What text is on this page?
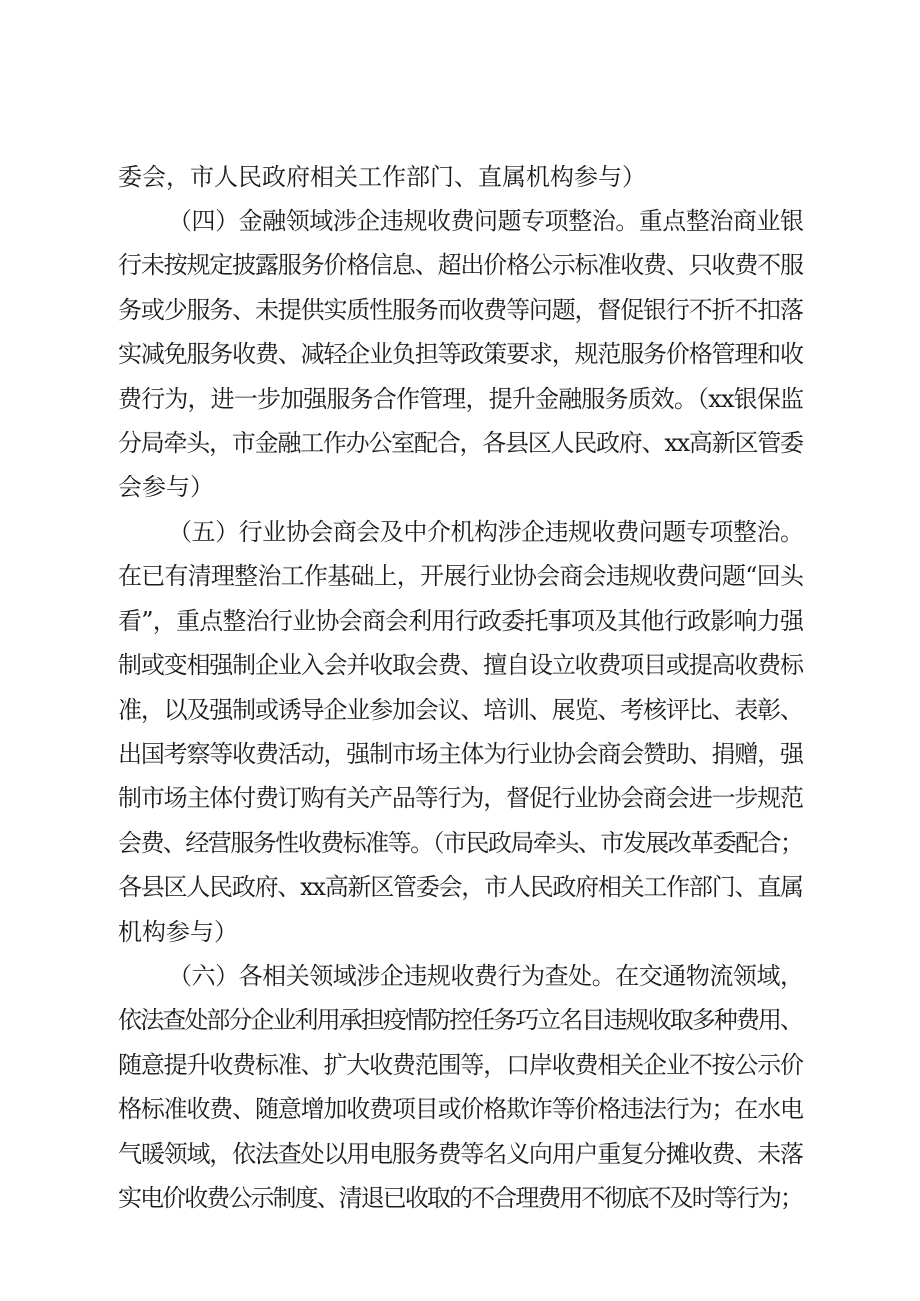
委会，市人民政府相关工作部门、直属机构参与）
（四）金融领域涉企违规收费问题专项整治。重点整治商业银
行未按规定披露服务价格信息、超出价格公示标准收费、只收费不服
务或少服务、未提供实质性服务而收费等问题，督促银行不折不扣落
实减免服务收费、减轻企业负担等政策要求，规范服务价格管理和收
费行为，进一步加强服务合作管理，提升金融服务质效。（xx银保监
分局牵头，市金融工作办公室配合，各县区人民政府、xx高新区管委
会参与）
（五）行业协会商会及中介机构涉企违规收费问题专项整治。
在已有清理整治工作基础上，开展行业协会商会违规收费问题“回头
看”，重点整治行业协会商会利用行政委托事项及其他行政影响力强
制或变相强制企业入会并收取会费、擅自设立收费项目或提高收费标
准，以及强制或诱导企业参加会议、培训、展览、考核评比、表彰、
出国考察等收费活动，强制市场主体为行业协会商会赞助、捐赠，强
制市场主体付费订购有关产品等行为，督促行业协会商会进一步规范
会费、经营服务性收费标准等。（市民政局牵头、市发展改革委配合；
各县区人民政府、xx高新区管委会，市人民政府相关工作部门、直属
机构参与）
（六）各相关领域涉企违规收费行为查处。在交通物流领域，
依法查处部分企业利用承担疫情防控任务巧立名目违规收取多种费用、
随意提升收费标准、扩大收费范围等，口岸收费相关企业不按公示价
格标准收费、随意增加收费项目或价格欺诈等价格违法行为；在水电
气暖领域，依法查处以用电服务费等名义向用户重复分摊收费、未落
实电价收费公示制度、清退已收取的不合理费用不彻底不及时等行为；
